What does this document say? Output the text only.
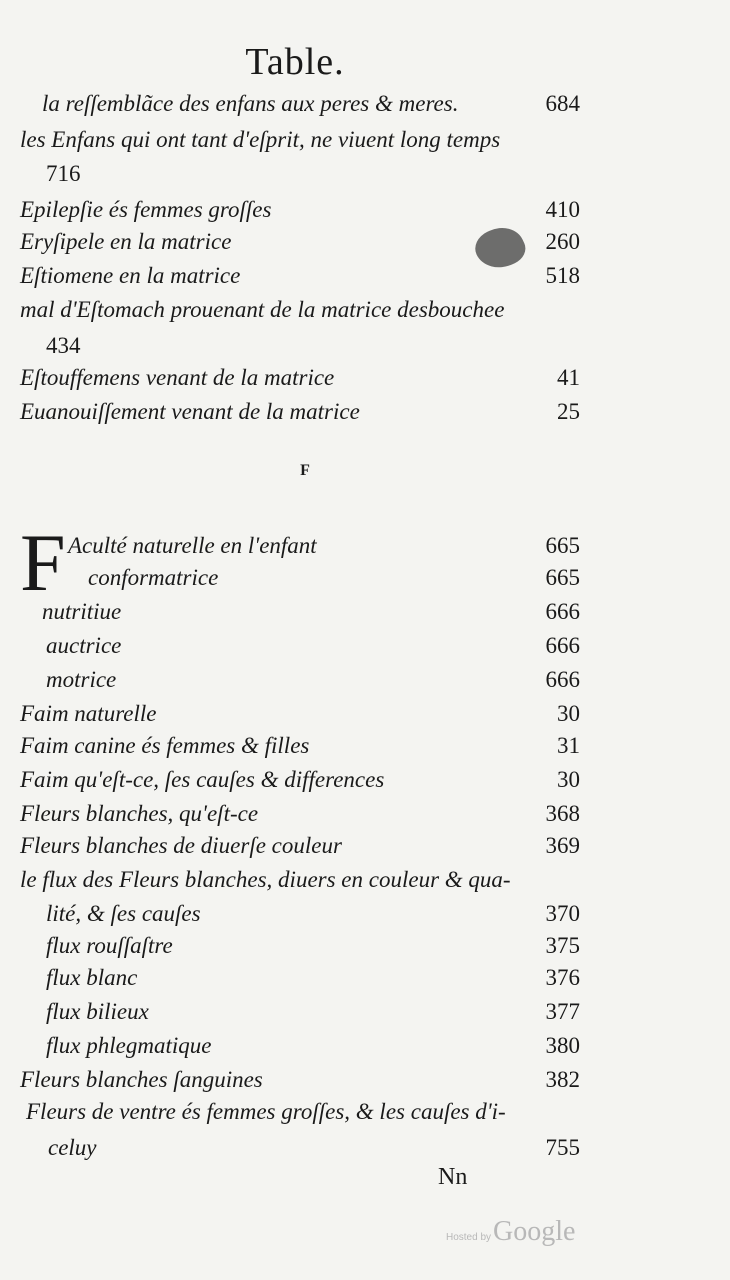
Table.
la reſſemblãce des enfans aux peres & meres.	684
les Enfans qui ont tant d'eſprit, ne viuent long temps
716
Epilepſie és femmes groſſes	410
Eryſipele en la matrice	260
Eſtiomene en la matrice	518
mal d'Eſtomach prouenant de la matrice desbouchee
434
Eſtouffemens venant de la matrice	41
Euanouiſſement venant de la matrice	25
F
F Aculté naturelle en l'enfant	665
conformatrice	665
nutritiue	666
auctrice	666
motrice	666
Faim naturelle	30
Faim canine és femmes & filles	31
Faim qu'eſt-ce, ſes cauſes & differences	30
Fleurs blanches, qu'eſt-ce	368
Fleurs blanches de diuerſe couleur	369
le flux des Fleurs blanches, diuers en couleur & qua-
lité, & ſes cauſes	370
flux rouſſaſtre	375
flux blanc	376
flux bilieux	377
flux phlegmatique	380
Fleurs blanches ſanguines	382
Fleurs de ventre és femmes groſſes, & les cauſes d'i-
celuy	755
Nn
Hosted byGoogle
